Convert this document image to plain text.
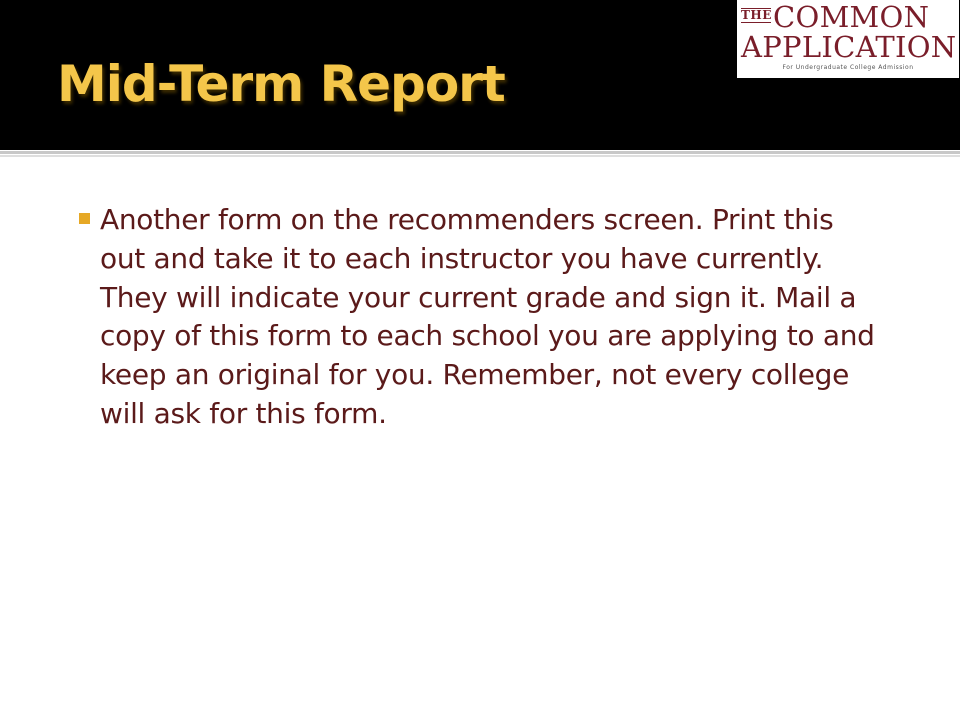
Mid-Term Report
THE COMMON
APPLICATION
For Undergraduate College Admission

Another form on the recommenders screen. Print this out and take it to each instructor you have currently. They will indicate your current grade and sign it. Mail a copy of this form to each school you are applying to and keep an original for you. Remember, not every college will ask for this form.
